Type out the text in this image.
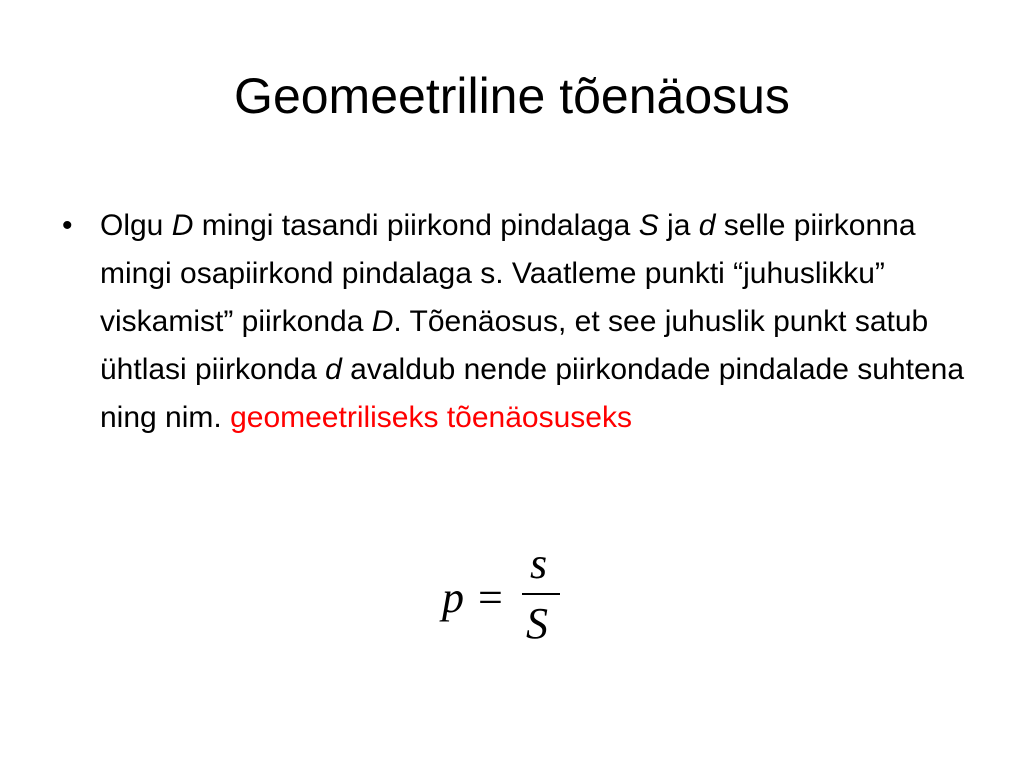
Geomeetriline tõenäosus
• Olgu D mingi tasandi piirkond pindalaga S ja d selle piirkonna mingi osapiirkond pindalaga s. Vaatleme punkti “juhuslikku” viskamist” piirkonda D. Tõenäosus, et see juhuslik punkt satub ühtlasi piirkonda d avaldub nende piirkondade pindalade suhtena ning nim. geomeetriliseks tõenäosuseks
p =
s
S
